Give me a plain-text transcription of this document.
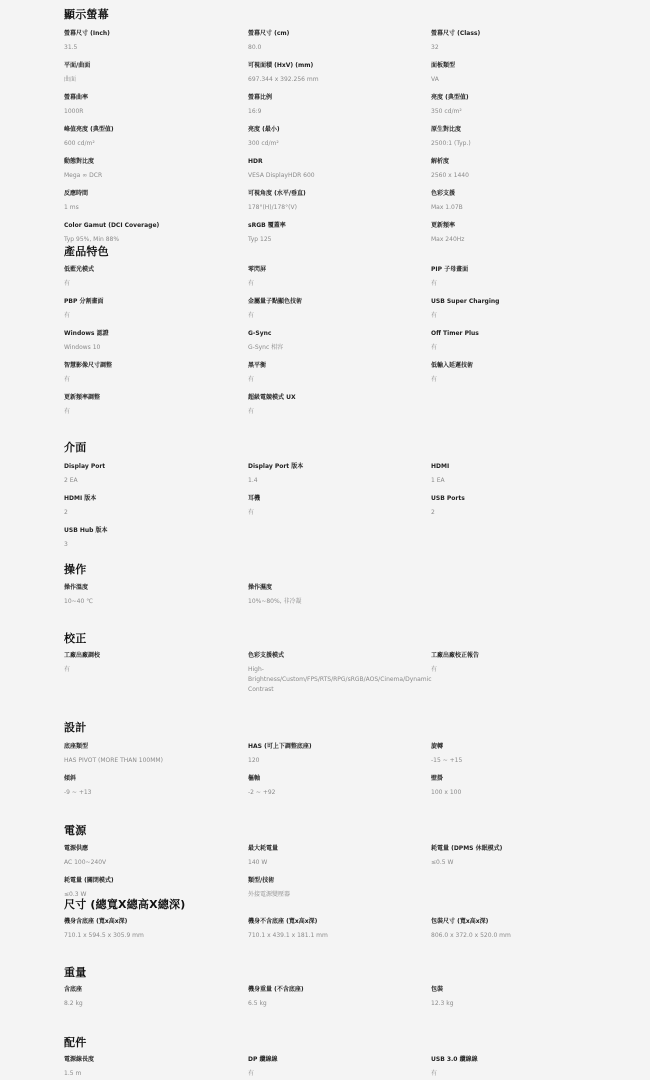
顯示螢幕
螢幕尺寸 (Inch)
31.5
螢幕尺寸 (cm)
80.0
螢幕尺寸 (Class)
32
平面/曲面
曲面
可視面積 (HxV) (mm)
697.344 x 392.256 mm
面板類型
VA
螢幕曲率
1000R
螢幕比例
16:9
亮度 (典型值)
350 cd/m²
峰值亮度 (典型值)
600 cd/m²
亮度 (最小)
300 cd/m²
原生對比度
2500:1 (Typ.)
動態對比度
Mega ∞ DCR
HDR
VESA DisplayHDR 600
解析度
2560 x 1440
反應時間
1 ms
可視角度 (水平/垂直)
178°(H)/178°(V)
色彩支援
Max 1.07B
Color Gamut (DCI Coverage)
Typ 95%, Min 88%
sRGB 覆蓋率
Typ 125
更新頻率
Max 240Hz
產品特色
低藍光模式
有
零閃屏
有
PIP 子母畫面
有
PBP 分割畫面
有
金屬量子點顯色技術
有
USB Super Charging
有
Windows 認證
Windows 10
G-Sync
G-Sync 相容
Off Timer Plus
有
智慧影像尺寸調整
有
黑平衡
有
低輸入延遲技術
有
更新頻率調整
有
超級電競模式 UX
有
介面
Display Port
2 EA
Display Port 版本
1.4
HDMI
1 EA
HDMI 版本
2
耳機
有
USB Ports
2
USB Hub 版本
3
操作
操作溫度
10~40 ℃
操作濕度
10%~80%, 非冷凝
校正
工廠出廠調校
有
色彩支援模式
High-
Brightness/Custom/FPS/RTS/RPG/sRGB/AOS/Cinema/Dynamic
Contrast
工廠出廠校正報告
有
設計
底座類型
HAS PIVOT (MORE THAN 100MM)
HAS (可上下調整底座)
120
旋轉
-15 ~ +15
傾斜
-9 ~ +13
樞軸
-2 ~ +92
壁掛
100 x 100
電源
電源供應
AC 100~240V
最大耗電量
140 W
耗電量 (DPMS 休眠模式)
≤0.5 W
耗電量 (關閉模式)
≤0.3 W
類型/技術
外接電源變壓器
尺寸 (總寬X總高X總深)
機身含底座 (寬x高x深)
710.1 x 594.5 x 305.9 mm
機身不含底座 (寬x高x深)
710.1 x 439.1 x 181.1 mm
包裝尺寸 (寬x高x深)
806.0 x 372.0 x 520.0 mm
重量
含底座
8.2 kg
機身重量 (不含底座)
6.5 kg
包裝
12.3 kg
配件
電源線長度
1.5 m
DP 纜線線
有
USB 3.0 纜線線
有
